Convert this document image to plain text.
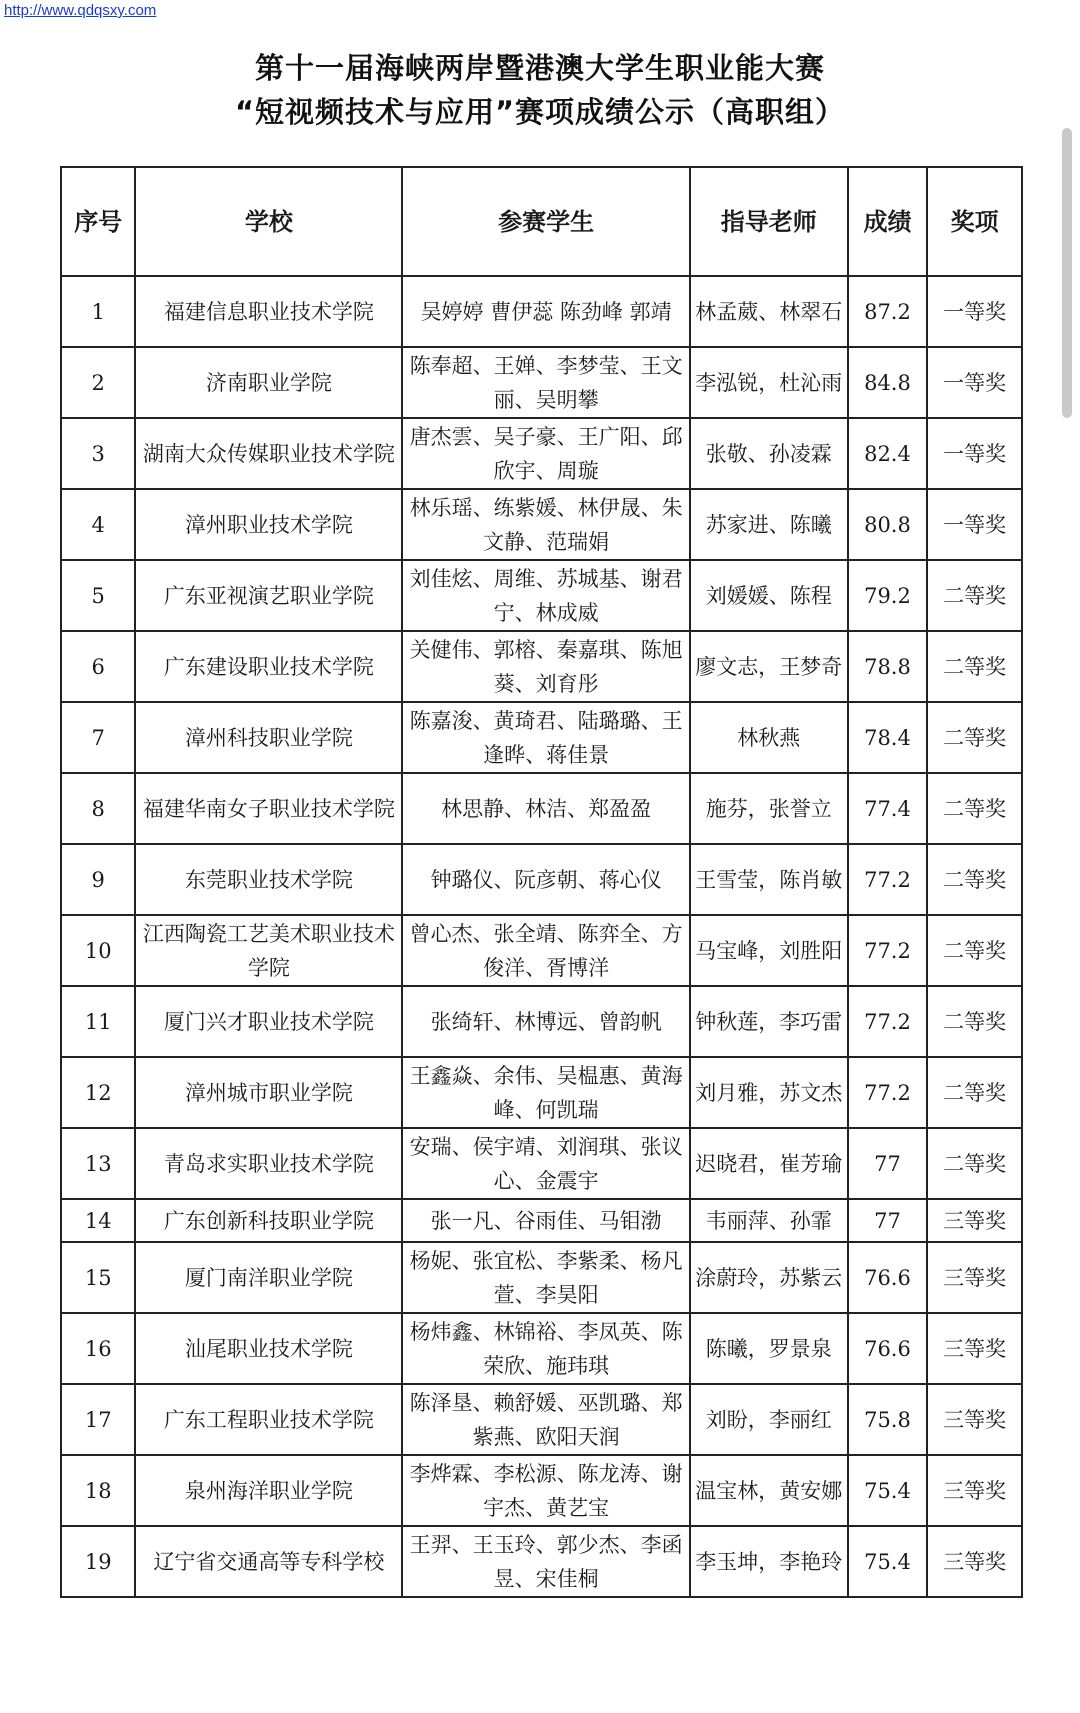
http://www.qdqsxy.com
第十一届海峡两岸暨港澳大学生职业能大赛
“短视频技术与应用”赛项成绩公示（高职组）
序号	学校	参赛学生	指导老师	成绩	奖项
1	福建信息职业技术学院	吴婷婷 曹伊蕊 陈劲峰 郭靖	林孟葳、林翠石	87.2	一等奖
2	济南职业学院	陈奉超、王婵、李梦莹、王文丽、吴明攀	李泓锐，杜沁雨	84.8	一等奖
3	湖南大众传媒职业技术学院	唐杰雲、吴子豪、王广阳、邱欣宇、周璇	张敬、孙凌霖	82.4	一等奖
4	漳州职业技术学院	林乐瑶、练紫媛、林伊晟、朱文静、范瑞娟	苏家进、陈曦	80.8	一等奖
5	广东亚视演艺职业学院	刘佳炫、周维、苏城基、谢君宁、林成威	刘媛媛、陈程	79.2	二等奖
6	广东建设职业技术学院	关健伟、郭榕、秦嘉琪、陈旭葵、刘育彤	廖文志，王梦奇	78.8	二等奖
7	漳州科技职业学院	陈嘉浚、黄琦君、陆璐璐、王逢晔、蒋佳景	林秋燕	78.4	二等奖
8	福建华南女子职业技术学院	林思静、林洁、郑盈盈	施芬，张誉立	77.4	二等奖
9	东莞职业技术学院	钟璐仪、阮彦朝、蒋心仪	王雪莹，陈肖敏	77.2	二等奖
10	江西陶瓷工艺美术职业技术学院	曾心杰、张全靖、陈弈全、方俊洋、胥博洋	马宝峰，刘胜阳	77.2	二等奖
11	厦门兴才职业技术学院	张绮轩、林博远、曾韵帆	钟秋莲，李巧雷	77.2	二等奖
12	漳州城市职业学院	王鑫焱、余伟、吴榅惠、黄海峰、何凯瑞	刘月雅，苏文杰	77.2	二等奖
13	青岛求实职业技术学院	安瑞、侯宇靖、刘润琪、张议心、金震宇	迟晓君，崔芳瑜	77	二等奖
14	广东创新科技职业学院	张一凡、谷雨佳、马钼渤	韦丽萍、孙霏	77	三等奖
15	厦门南洋职业学院	杨妮、张宜松、李紫柔、杨凡萱、李昊阳	涂蔚玲，苏紫云	76.6	三等奖
16	汕尾职业技术学院	杨炜鑫、林锦裕、李凤英、陈荣欣、施玮琪	陈曦，罗景泉	76.6	三等奖
17	广东工程职业技术学院	陈泽垦、赖舒媛、巫凯璐、郑紫燕、欧阳天润	刘盼，李丽红	75.8	三等奖
18	泉州海洋职业学院	李烨霖、李松源、陈龙涛、谢宇杰、黄艺宝	温宝林，黄安娜	75.4	三等奖
19	辽宁省交通高等专科学校	王羿、王玉玲、郭少杰、李函昱、宋佳桐	李玉坤，李艳玲	75.4	三等奖
